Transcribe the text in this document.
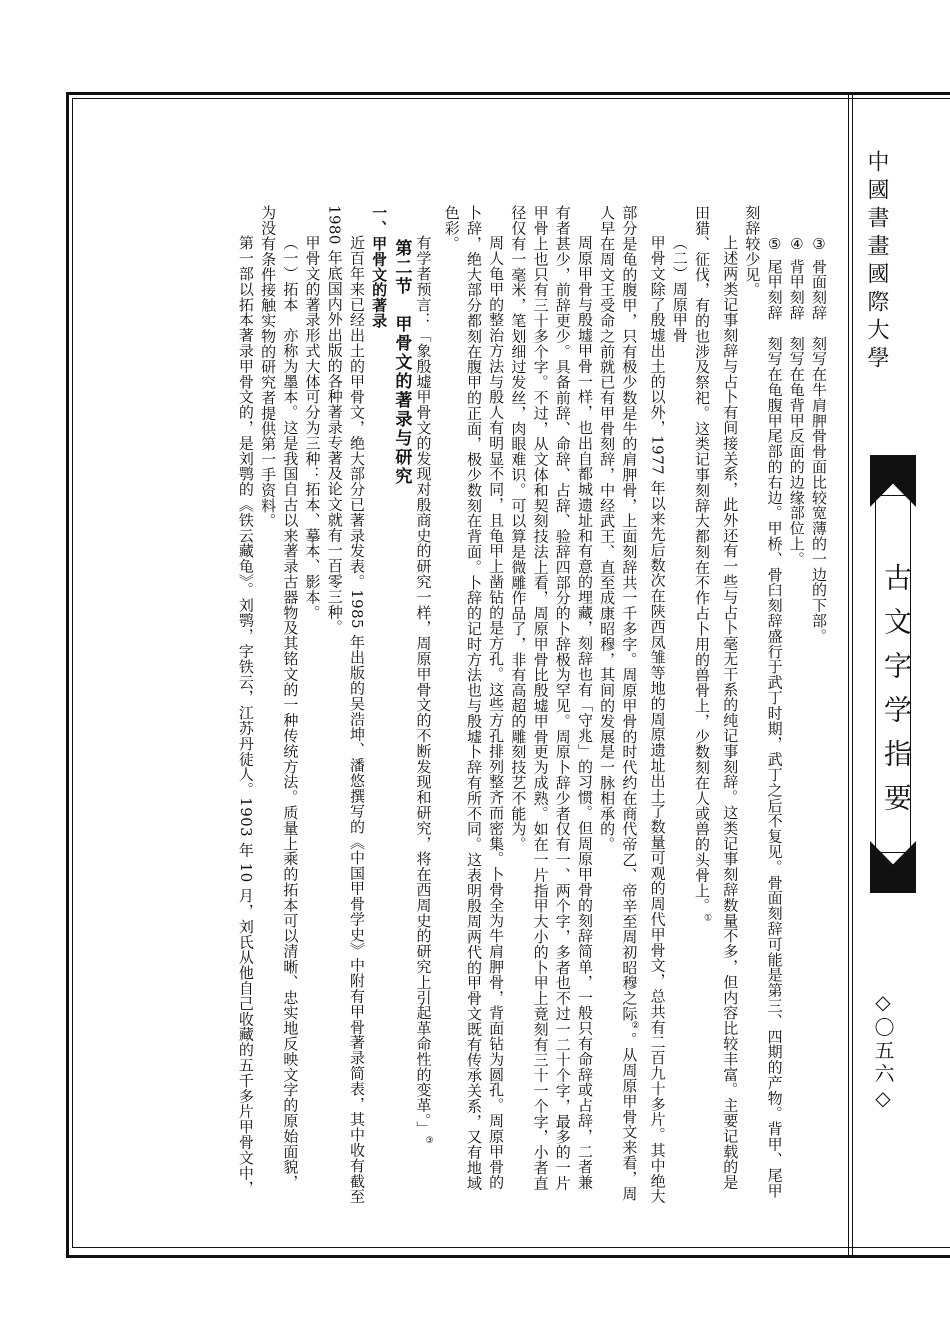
中國書畫國際大學
古文字学指要
◇〇五六◇

③ 骨面刻辞　刻写在牛肩胛骨骨面比较宽薄的一边的下部。

④ 背甲刻辞　刻写在龟背甲反面的边缘部位上。

⑤ 尾甲刻辞　刻写在龟腹甲尾部的右边。甲桥、骨臼刻辞盛行于武丁时期，武丁之后不复见。骨面刻辞可能是第三、四期的产物。背甲、尾甲刻辞较少见。

上述两类记事刻辞与占卜有间接关系，此外还有一些与占卜毫无干系的纯记事刻辞。这类记事刻辞数量不多，但内容比较丰富。主要记载的是田猎、征伐，有的也涉及祭祀。这类记事刻辞大都刻在不作占卜用的兽骨上，少数刻在人或兽的头骨上。①

（二）周原甲骨

甲骨文除了殷墟出土的以外，1977 年以来先后数次在陕西凤雏等地的周原遗址出土了数量可观的周代甲骨文，总共有二百九十多片。其中绝大部分是龟的腹甲，只有极少数是牛的肩胛骨，上面刻辞共一千多字。周原甲骨的时代约在商代帝乙、帝辛至周初昭穆之际②。从周原甲骨文来看，周人早在周文王受命之前就已有甲骨刻辞，中经武王、直至成康昭穆，其间的发展是一脉相承的。

周原甲骨与殷墟甲骨一样，也出自都城遗址和有意的埋藏，刻辞也有「守兆」的习惯。但周原甲骨的刻辞简单，一般只有命辞或占辞，二者兼有者甚少，前辞更少。具备前辞、命辞、占辞、验辞四部分的卜辞极为罕见。周原卜辞少者仅有一、两个字，多者也不过一二十个字，最多的一片甲骨上也只有三十多个字。不过，从文体和契刻技法上看，周原甲骨比殷墟甲骨更为成熟。如在一片指甲大小的卜甲上竟刻有三十一个字，小者直径仅有一毫米，笔划细过发丝，肉眼难识。可以算是微雕作品了，非有高超的雕刻技艺不能为。

周人龟甲的整治方法与殷人有明显不同，且龟甲上凿钻的是方孔。这些方孔排列整齐而密集。卜骨全为牛肩胛骨，背面钻为圆孔。周原甲骨的卜辞，绝大部分都刻在腹甲的正面，极少数刻在背面。卜辞的记时方法也与殷墟卜辞有所不同。这表明殷周两代的甲骨文既有传承关系，又有地域色彩。

有学者预言：「象殷墟甲骨文的发现对殷商史的研究一样，周原甲骨文的不断发现和研究，将在西周史的研究上引起革命性的变革。」③

第二节　甲骨文的著录与研究

一、甲骨文的著录

近百年来已经出土的甲骨文，绝大部分已著录发表。1985 年出版的吴浩坤、潘悠撰写的《中国甲骨学史》中附有甲骨著录简表，其中收有截至 1980 年底国内外出版的各种著录专著及论文就有一百零三种。

甲骨文的著录形式大体可分为三种：拓本、摹本、影本。

（一）拓本　亦称为墨本。这是我国自古以来著录古器物及其铭文的一种传统方法。质量上乘的拓本可以清晰、忠实地反映文字的原始面貌，为没有条件接触实物的研究者提供第一手资料。

第一部以拓本著录甲骨文的，是刘鹗的《铁云藏龟》。刘鹗，字铁云，江苏丹徒人。1903 年 10 月，刘氏从他自己收藏的五千多片甲骨文中，
